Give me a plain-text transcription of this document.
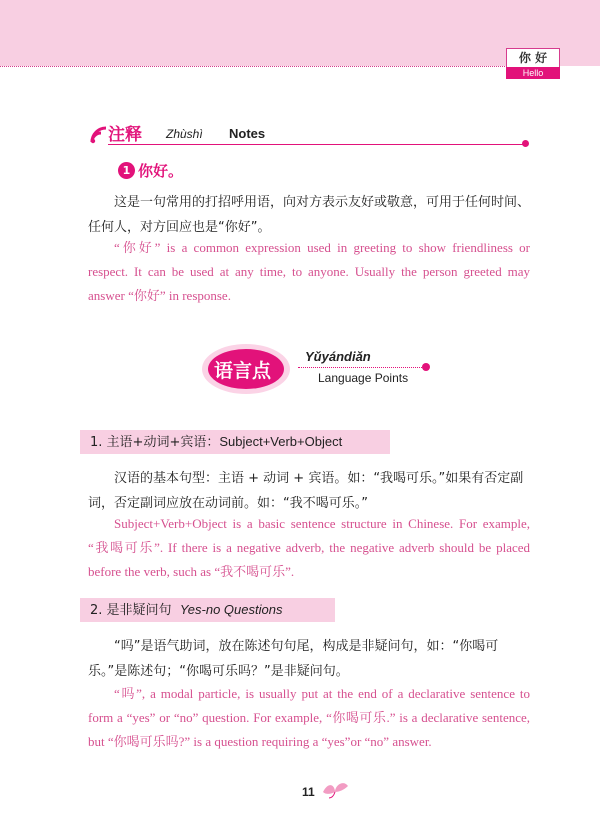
你 好
Hello
注释 Zhùshì Notes
1 你好。

这是一句常用的打招呼用语，向对方表示友好或敬意，可用于任何时间、任何人，对方回应也是“你好”。

“你好” is a common expression used in greeting to show friendliness or respect. It can be used at any time, to anyone. Usually the person greeted may answer “你好” in response.

语言点
Yǔyándiǎn
Language Points
1. 主语+动词+宾语：Subject+Verb+Object

汉语的基本句型：主语 + 动词 + 宾语。如：“我喝可乐。”如果有否定副词，否定副词应放在动词前。如：“我不喝可乐。”

Subject+Verb+Object is a basic sentence structure in Chinese. For example, “我喝可乐”. If there is a negative adverb, the negative adverb should be placed before the verb, such as “我不喝可乐”.

2. 是非疑问句 Yes-no Questions

“吗”是语气助词，放在陈述句句尾，构成是非疑问句，如：“你喝可乐。”是陈述句；“你喝可乐吗？”是非疑问句。

“吗”, a modal particle, is usually put at the end of a declarative sentence to form a “yes” or “no” question. For example, “你喝可乐.” is a declarative sentence, but “你喝可乐吗?” is a question requiring a “yes”or “no” answer.

11
